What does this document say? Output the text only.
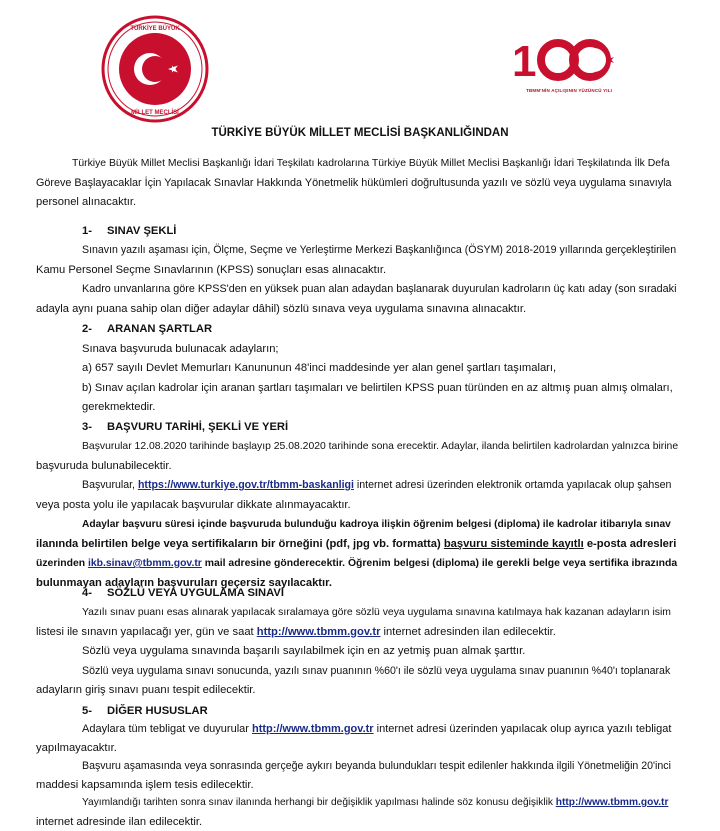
TÜRKİYE BÜYÜK
MİLLET MECLİSİ
1
TBMM'NİN AÇILIŞININ YÜZÜNCÜ YILI
TÜRKİYE BÜYÜK MİLLET MECLİSİ BAŞKANLIĞINDAN
Türkiye Büyük Millet Meclisi Başkanlığı İdari Teşkilatı kadrolarına Türkiye Büyük Millet Meclisi Başkanlığı İdari Teşkilatında İlk Defa
Göreve Başlayacaklar İçin Yapılacak Sınavlar Hakkında Yönetmelik hükümleri doğrultusunda yazılı ve sözlü veya uygulama sınavıyla
personel alınacaktır.
1- SINAV ŞEKLİ
Sınavın yazılı aşaması için, Ölçme, Seçme ve Yerleştirme Merkezi Başkanlığınca (ÖSYM) 2018-2019 yıllarında gerçekleştirilen
Kamu Personel Seçme Sınavlarının (KPSS) sonuçları esas alınacaktır.
Kadro unvanlarına göre KPSS'den en yüksek puan alan adaydan başlanarak duyurulan kadroların üç katı aday (son sıradaki
adayla aynı puana sahip olan diğer adaylar dâhil) sözlü sınava veya uygulama sınavına alınacaktır.
2- ARANAN ŞARTLAR
Sınava başvuruda bulunacak adayların;
a) 657 sayılı Devlet Memurları Kanununun 48'inci maddesinde yer alan genel şartları taşımaları,
b) Sınav açılan kadrolar için aranan şartları taşımaları ve belirtilen KPSS puan türünden en az altmış puan almış olmaları,
gerekmektedir.
3- BAŞVURU TARİHİ, ŞEKLİ VE YERİ
Başvurular 12.08.2020 tarihinde başlayıp 25.08.2020 tarihinde sona erecektir. Adaylar, ilanda belirtilen kadrolardan yalnızca birine
başvuruda bulunabilecektir.
Başvurular, https://www.turkiye.gov.tr/tbmm-baskanligi internet adresi üzerinden elektronik ortamda yapılacak olup şahsen
veya posta yolu ile yapılacak başvurular dikkate alınmayacaktır.
Adaylar başvuru süresi içinde başvuruda bulunduğu kadroya ilişkin öğrenim belgesi (diploma) ile kadrolar itibarıyla sınav
ilanında belirtilen belge veya sertifikaların bir örneğini (pdf, jpg vb. formatta) başvuru sisteminde kayıtlı e-posta adresleri
üzerinden ikb.sinav@tbmm.gov.tr mail adresine gönderecektir. Öğrenim belgesi (diploma) ile gerekli belge veya sertifika ibrazında
bulunmayan adayların başvuruları geçersiz sayılacaktır.
4- SÖZLÜ VEYA UYGULAMA SINAVI
Yazılı sınav puanı esas alınarak yapılacak sıralamaya göre sözlü veya uygulama sınavına katılmaya hak kazanan adayların isim
listesi ile sınavın yapılacağı yer, gün ve saat http://www.tbmm.gov.tr internet adresinden ilan edilecektir.
Sözlü veya uygulama sınavında başarılı sayılabilmek için en az yetmiş puan almak şarttır.
Sözlü veya uygulama sınavı sonucunda, yazılı sınav puanının %60'ı ile sözlü veya uygulama sınav puanının %40'ı toplanarak
adayların giriş sınavı puanı tespit edilecektir.
5- DİĞER HUSUSLAR
Adaylara tüm tebligat ve duyurular http://www.tbmm.gov.tr internet adresi üzerinden yapılacak olup ayrıca yazılı tebligat
yapılmayacaktır.
Başvuru aşamasında veya sonrasında gerçeğe aykırı beyanda bulundukları tespit edilenler hakkında ilgili Yönetmeliğin 20'inci
maddesi kapsamında işlem tesis edilecektir.
Yayımlandığı tarihten sonra sınav ilanında herhangi bir değişiklik yapılması halinde söz konusu değişiklik http://www.tbmm.gov.tr
internet adresinde ilan edilecektir.
